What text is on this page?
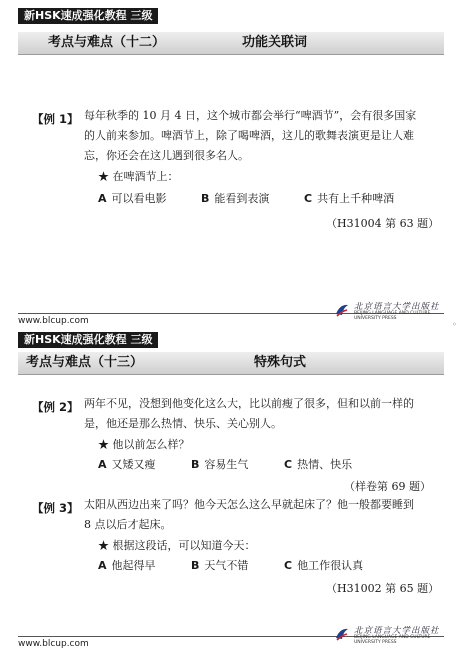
新HSK速成强化教程 三级
考点与难点（十二）	功能关联词
【例 1】 每年秋季的 10 月 4 日，这个城市都会举行“啤酒节”，会有很多国家
的人前来参加。啤酒节上，除了喝啤酒，这儿的歌舞表演更是让人难
忘，你还会在这儿遇到很多名人。
★ 在啤酒节上：
A 可以看电影	B 能看到表演	C 共有上千种啤酒
（H31004 第 63 题）
www.blcup.com
北京语言大学出版社
BEIJING LANGUAGE AND CULTURE UNIVERSITY PRESS
◦
新HSK速成强化教程 三级
考点与难点（十三）	特殊句式
【例 2】 两年不见，没想到他变化这么大，比以前瘦了很多，但和以前一样的
是，他还是那么热情、快乐、关心别人。
★ 他以前怎么样？
A 又矮又瘦	B 容易生气	C 热情、快乐
（样卷第 69 题）
【例 3】 太阳从西边出来了吗？他今天怎么这么早就起床了？他一般都要睡到
8 点以后才起床。
★ 根据这段话，可以知道今天：
A 他起得早	B 天气不错	C 他工作很认真
（H31002 第 65 题）
www.blcup.com
北京语言大学出版社
BEIJING LANGUAGE AND CULTURE UNIVERSITY PRESS
